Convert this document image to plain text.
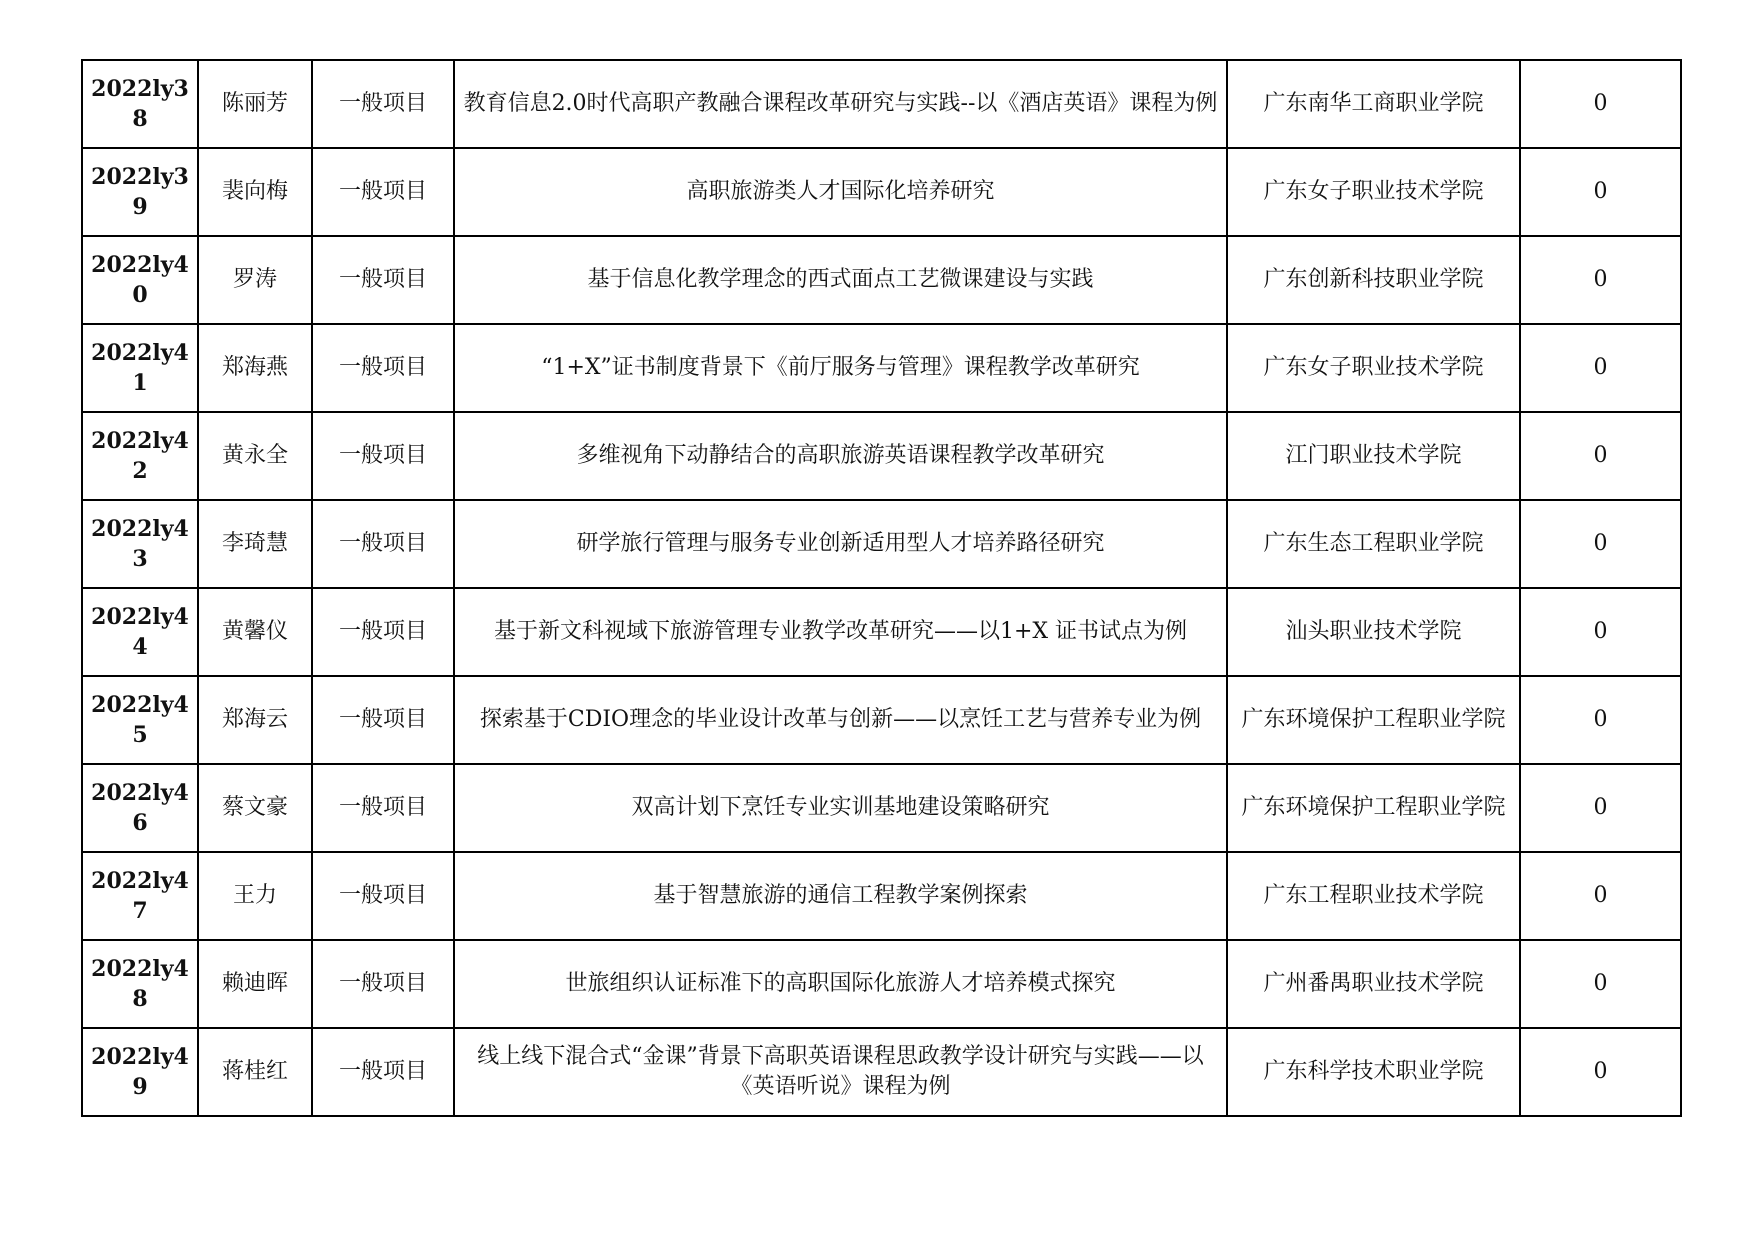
2022ly38	陈丽芳	一般项目	教育信息2.0时代高职产教融合课程改革研究与实践--以《酒店英语》课程为例	广东南华工商职业学院	0
2022ly39	裴向梅	一般项目	高职旅游类人才国际化培养研究	广东女子职业技术学院	0
2022ly40	罗涛	一般项目	基于信息化教学理念的西式面点工艺微课建设与实践	广东创新科技职业学院	0
2022ly41	郑海燕	一般项目	“1+X”证书制度背景下《前厅服务与管理》课程教学改革研究	广东女子职业技术学院	0
2022ly42	黄永全	一般项目	多维视角下动静结合的高职旅游英语课程教学改革研究	江门职业技术学院	0
2022ly43	李琦慧	一般项目	研学旅行管理与服务专业创新适用型人才培养路径研究	广东生态工程职业学院	0
2022ly44	黄馨仪	一般项目	基于新文科视域下旅游管理专业教学改革研究——以1+X 证书试点为例	汕头职业技术学院	0
2022ly45	郑海云	一般项目	探索基于CDIO理念的毕业设计改革与创新——以烹饪工艺与营养专业为例	广东环境保护工程职业学院	0
2022ly46	蔡文豪	一般项目	双高计划下烹饪专业实训基地建设策略研究	广东环境保护工程职业学院	0
2022ly47	王力	一般项目	基于智慧旅游的通信工程教学案例探索	广东工程职业技术学院	0
2022ly48	赖迪晖	一般项目	世旅组织认证标准下的高职国际化旅游人才培养模式探究	广州番禺职业技术学院	0
2022ly49	蒋桂红	一般项目	线上线下混合式“金课”背景下高职英语课程思政教学设计研究与实践——以《英语听说》课程为例	广东科学技术职业学院	0
